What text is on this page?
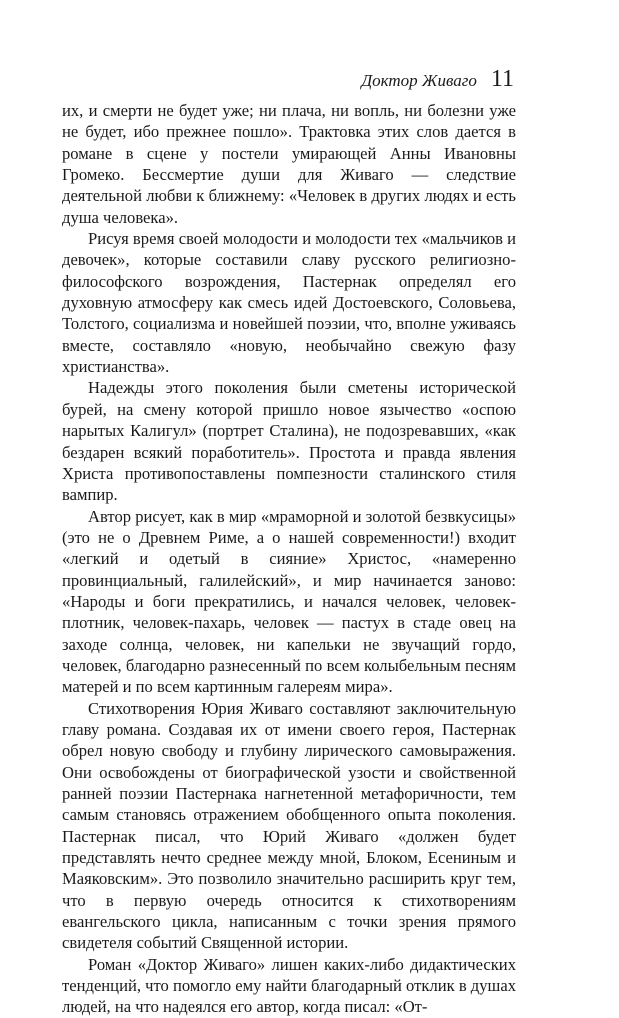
Доктор Живаго 11

их, и смерти не будет уже; ни плача, ни вопль, ни болезни уже не будет, ибо прежнее пошло». Трактовка этих слов дается в романе в сцене у постели умирающей Анны Ивановны Громеко. Бессмертие души для Живаго — следствие деятельной любви к ближнему: «Человек в других людях и есть душа человека».

Рисуя время своей молодости и молодости тех «мальчиков и девочек», которые составили славу русского религиозно-философского возрождения, Пастернак определял его духовную атмосферу как смесь идей Достоевского, Соловьева, Толстого, социализма и новейшей поэзии, что, вполне уживаясь вместе, составляло «новую, необычайно свежую фазу христианства».

Надежды этого поколения были сметены исторической бурей, на смену которой пришло новое язычество «оспою нарытых Калигул» (портрет Сталина), не подозревавших, «как бездарен всякий поработитель». Простота и правда явления Христа противопоставлены помпезности сталинского стиля вампир.

Автор рисует, как в мир «мраморной и золотой безвкусицы» (это не о Древнем Риме, а о нашей современности!) входит «легкий и одетый в сияние» Христос, «намеренно провинциальный, галилейский», и мир начинается заново: «Народы и боги прекратились, и начался человек, человек-плотник, человек-пахарь, человек — пастух в стаде овец на заходе солнца, человек, ни капельки не звучащий гордо, человек, благодарно разнесенный по всем колыбельным песням матерей и по всем картинным галереям мира».

Стихотворения Юрия Живаго составляют заключительную главу романа. Создавая их от имени своего героя, Пастернак обрел новую свободу и глубину лирического самовыражения. Они освобождены от биографической узости и свойственной ранней поэзии Пастернака нагнетенной метафоричности, тем самым становясь отражением обобщенного опыта поколения. Пастернак писал, что Юрий Живаго «должен будет представлять нечто среднее между мной, Блоком, Есениным и Маяковским». Это позволило значительно расширить круг тем, что в первую очередь относится к стихотворениям евангельского цикла, написанным с точки зрения прямого свидетеля событий Священной истории.

Роман «Доктор Живаго» лишен каких-либо дидактических тенденций, что помогло ему найти благодарный отклик в душах людей, на что надеялся его автор, когда писал: «От-
